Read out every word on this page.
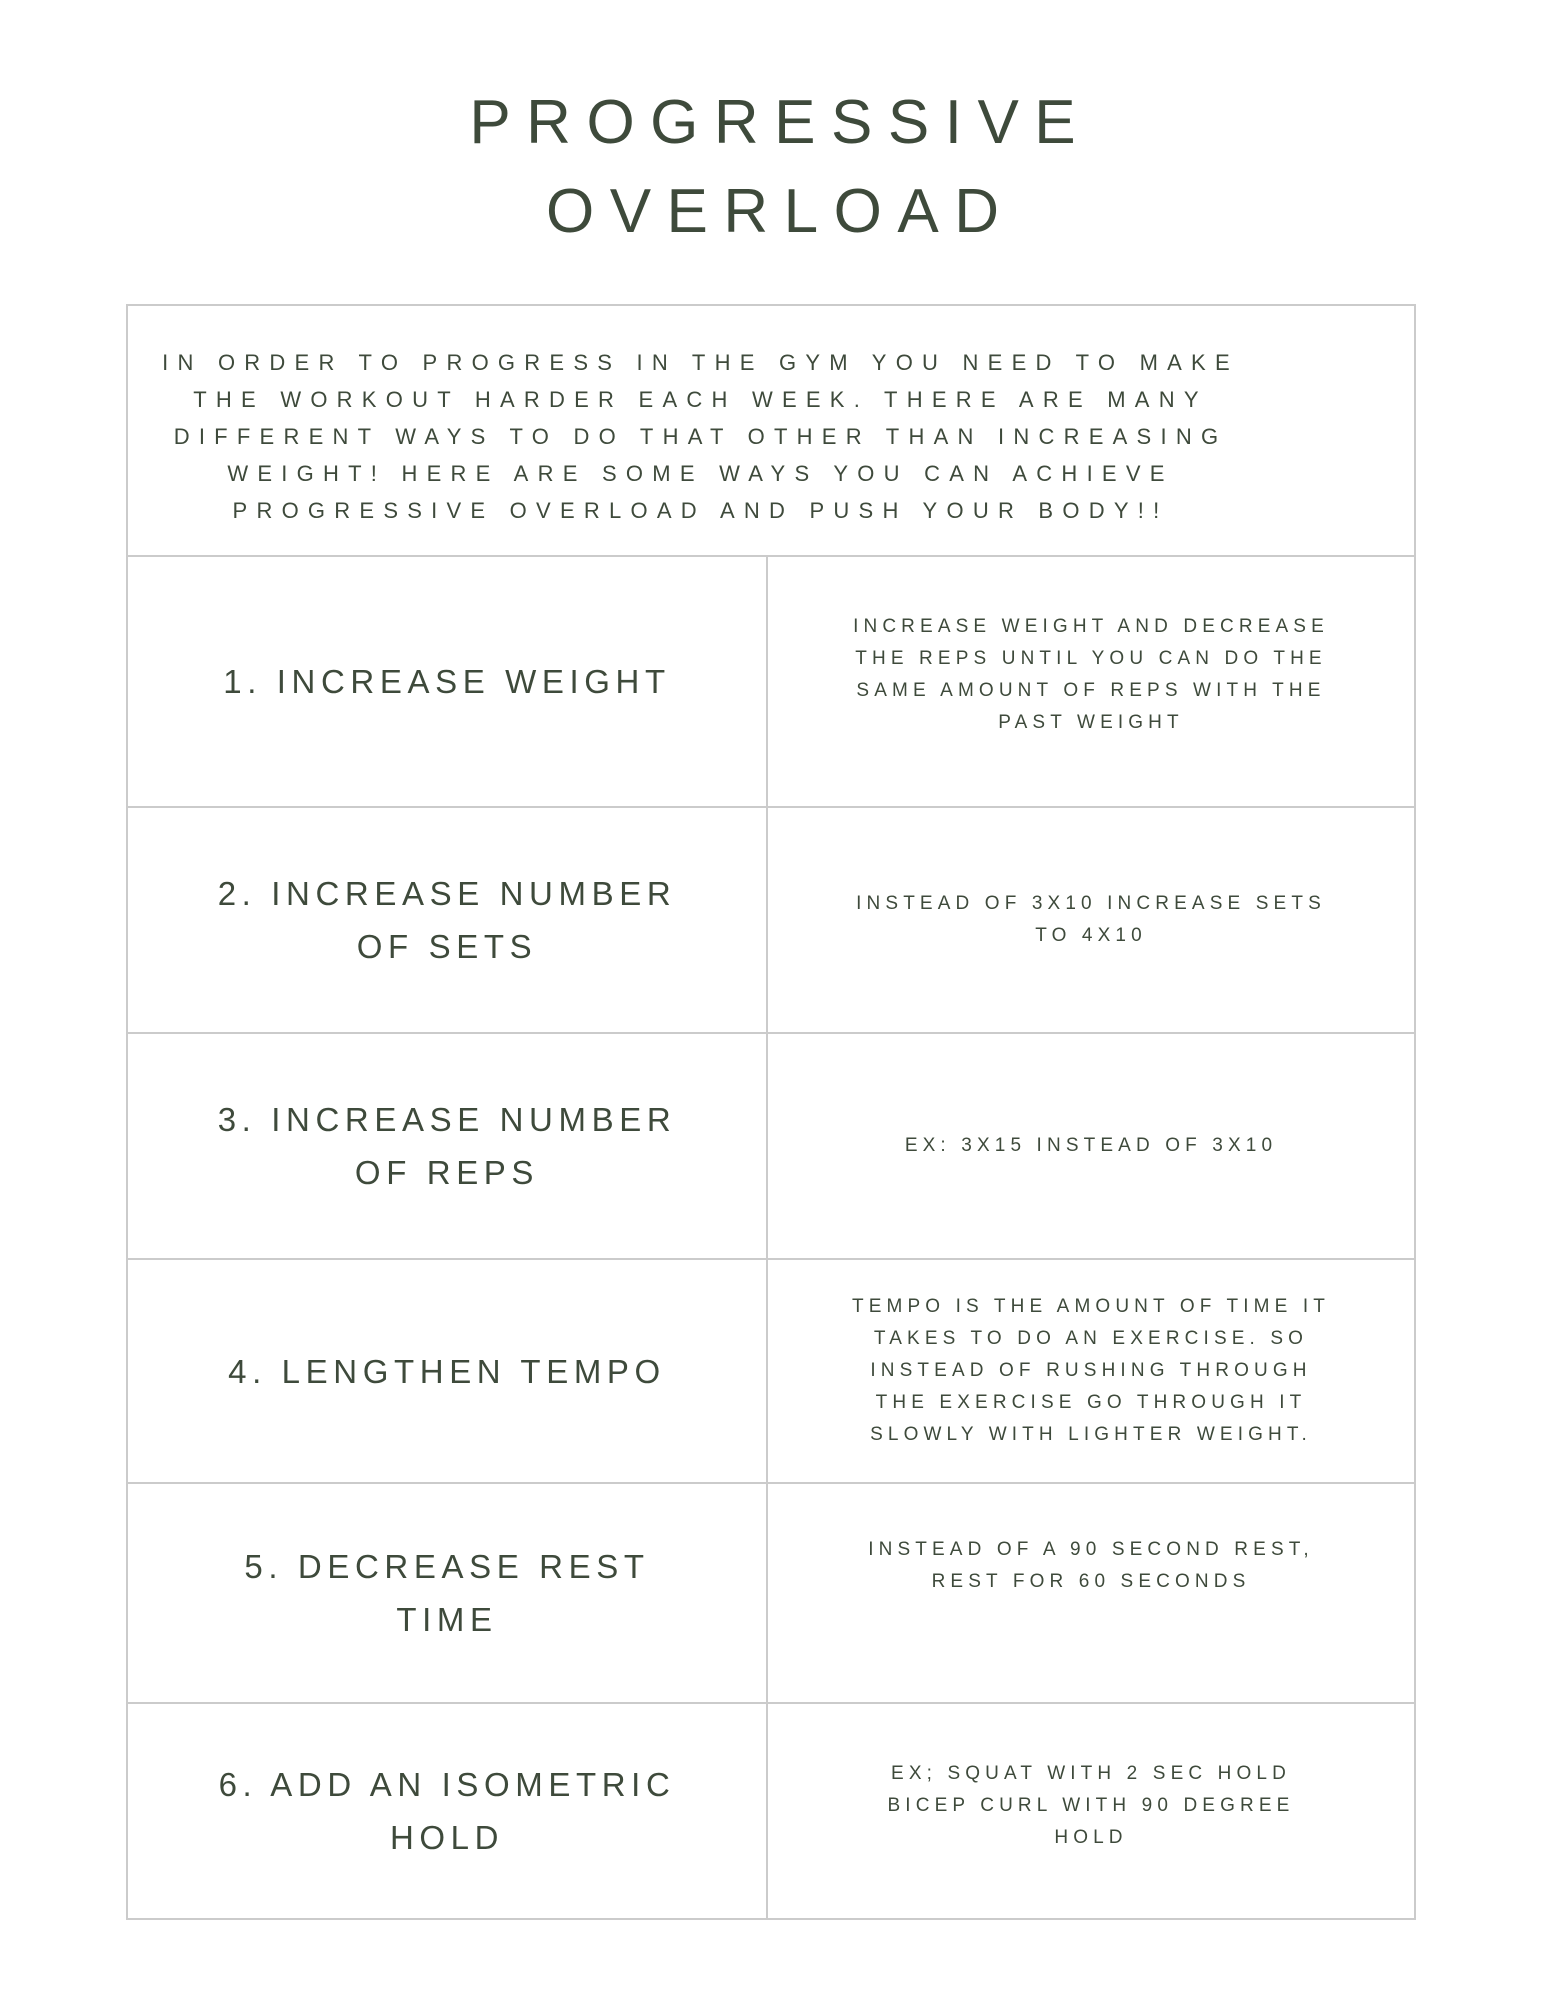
PROGRESSIVE
OVERLOAD
IN ORDER TO PROGRESS IN THE GYM YOU NEED TO MAKE
THE WORKOUT HARDER EACH WEEK. THERE ARE MANY
DIFFERENT WAYS TO DO THAT OTHER THAN INCREASING
WEIGHT! HERE ARE SOME WAYS YOU CAN ACHIEVE
PROGRESSIVE OVERLOAD AND PUSH YOUR BODY!!
1. INCREASE WEIGHT
INCREASE WEIGHT AND DECREASE
THE REPS UNTIL YOU CAN DO THE
SAME AMOUNT OF REPS WITH THE
PAST WEIGHT
2. INCREASE NUMBER
OF SETS
INSTEAD OF 3X10 INCREASE SETS
TO 4X10
3. INCREASE NUMBER
OF REPS
EX: 3X15 INSTEAD OF 3X10
4. LENGTHEN TEMPO
TEMPO IS THE AMOUNT OF TIME IT
TAKES TO DO AN EXERCISE. SO
INSTEAD OF RUSHING THROUGH
THE EXERCISE GO THROUGH IT
SLOWLY WITH LIGHTER WEIGHT.
5. DECREASE REST
TIME
INSTEAD OF A 90 SECOND REST,
REST FOR 60 SECONDS
6. ADD AN ISOMETRIC
HOLD
EX; SQUAT WITH 2 SEC HOLD
BICEP CURL WITH 90 DEGREE
HOLD
